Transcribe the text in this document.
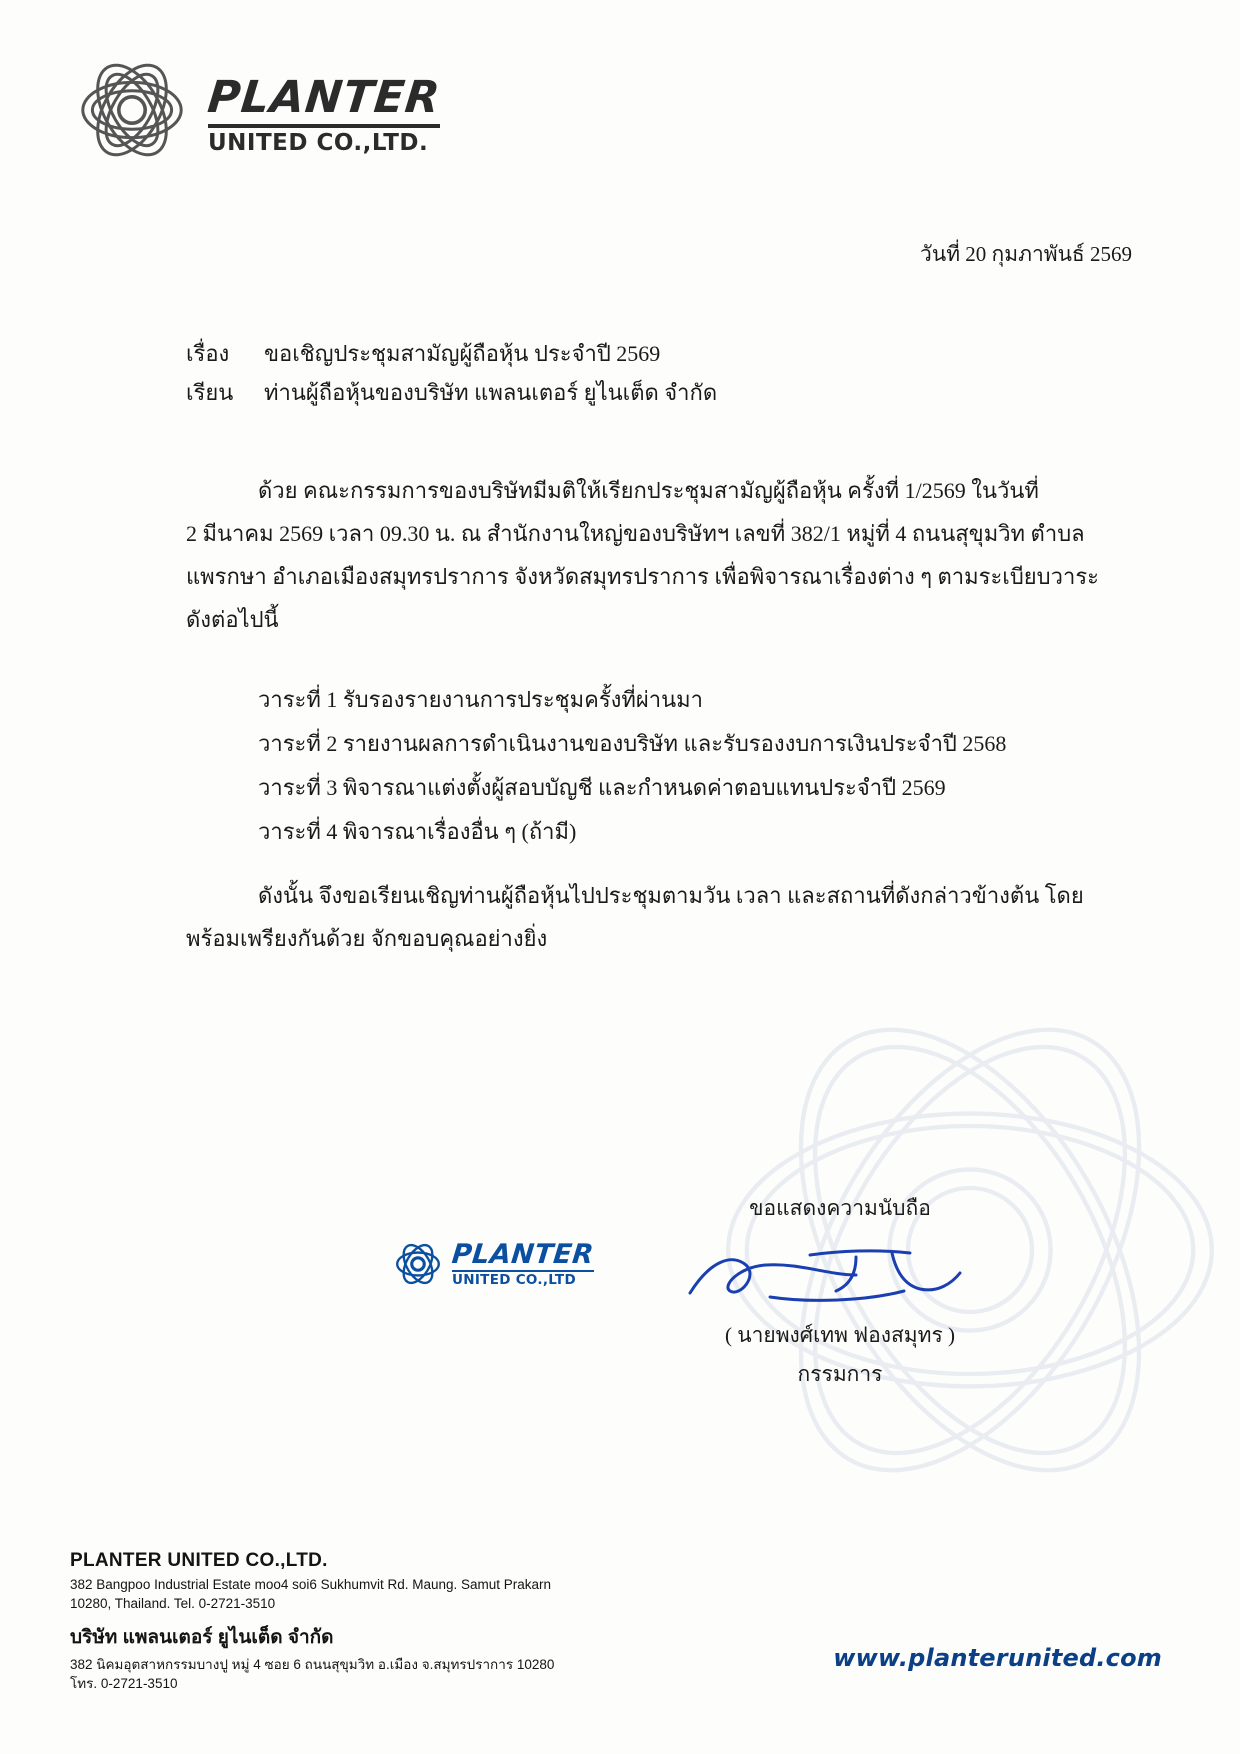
PLANTER
UNITED CO.,LTD.
วันที่ 20 กุมภาพันธ์ 2569
เรื่อง	ขอเชิญประชุมสามัญผู้ถือหุ้น ประจำปี 2569
เรียน	ท่านผู้ถือหุ้นของบริษัท แพลนเตอร์ ยูไนเต็ด จำกัด
ด้วย คณะกรรมการของบริษัทมีมติให้เรียกประชุมสามัญผู้ถือหุ้น ครั้งที่ 1/2569 ในวันที่
2 มีนาคม 2569 เวลา 09.30 น. ณ สำนักงานใหญ่ของบริษัทฯ เลขที่ 382/1 หมู่ที่ 4 ถนนสุขุมวิท ตำบล
แพรกษา อำเภอเมืองสมุทรปราการ จังหวัดสมุทรปราการ เพื่อพิจารณาเรื่องต่าง ๆ ตามระเบียบวาระ
ดังต่อไปนี้
วาระที่ 1 รับรองรายงานการประชุมครั้งที่ผ่านมา
วาระที่ 2 รายงานผลการดำเนินงานของบริษัท และรับรองงบการเงินประจำปี 2568
วาระที่ 3 พิจารณาแต่งตั้งผู้สอบบัญชี และกำหนดค่าตอบแทนประจำปี 2569
วาระที่ 4 พิจารณาเรื่องอื่น ๆ (ถ้ามี)
ดังนั้น จึงขอเรียนเชิญท่านผู้ถือหุ้นไปประชุมตามวัน เวลา และสถานที่ดังกล่าวข้างต้น โดย
พร้อมเพรียงกันด้วย จักขอบคุณอย่างยิ่ง
PLANTER
UNITED CO.,LTD
ขอแสดงความนับถือ
( นายพงศ์เทพ ฟองสมุทร )
กรรมการ
PLANTER UNITED CO.,LTD.
382 Bangpoo Industrial Estate moo4 soi6 Sukhumvit Rd. Maung. Samut Prakarn
10280, Thailand. Tel. 0-2721-3510
บริษัท แพลนเตอร์ ยูไนเต็ด จำกัด
382 นิคมอุตสาหกรรมบางปู หมู่ 4 ซอย 6 ถนนสุขุมวิท อ.เมือง จ.สมุทรปราการ 10280
โทร. 0-2721-3510
www.planterunited.com
